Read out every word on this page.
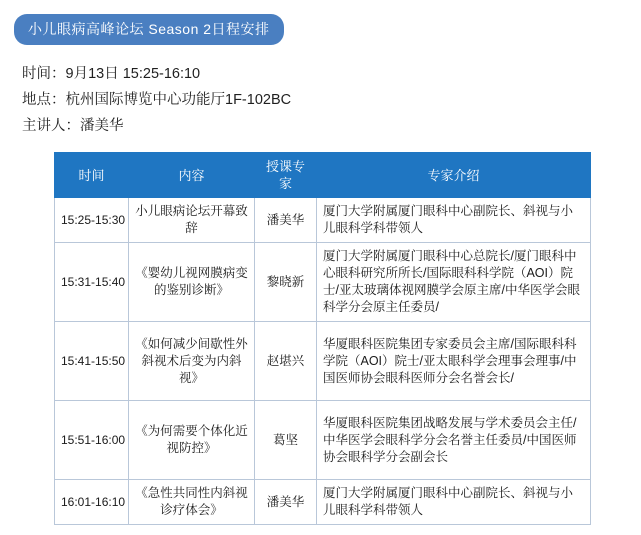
小儿眼病高峰论坛 Season 2日程安排
时间：9月13日 15:25-16:10
地点：杭州国际博览中心功能厅1F-102BC
主讲人：潘美华
时间	内容	授课专家	专家介绍
15:25-15:30	小儿眼病论坛开幕致辞	潘美华	厦门大学附属厦门眼科中心副院长、斜视与小儿眼科学科带领人
15:31-15:40	《婴幼儿视网膜病变的鉴别诊断》	黎晓新	厦门大学附属厦门眼科中心总院长/厦门眼科中心眼科研究所所长/国际眼科科学院（AOI）院士/亚太玻璃体视网膜学会原主席/中华医学会眼科学分会原主任委员/
15:41-15:50	《如何减少间歇性外斜视术后变为内斜视》	赵堪兴	华厦眼科医院集团专家委员会主席/国际眼科科学院（AOI）院士/亚太眼科学会理事会理事/中国医师协会眼科医师分会名誉会长/
15:51-16:00	《为何需要个体化近视防控》	葛坚	华厦眼科医院集团战略发展与学术委员会主任/中华医学会眼科学分会名誉主任委员/中国医师协会眼科学分会副会长
16:01-16:10	《急性共同性内斜视诊疗体会》	潘美华	厦门大学附属厦门眼科中心副院长、斜视与小儿眼科学科带领人
